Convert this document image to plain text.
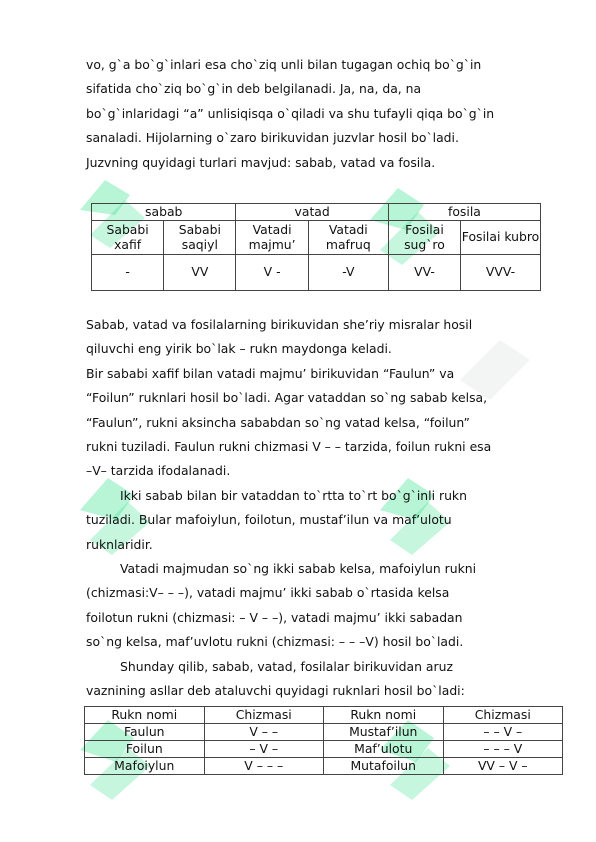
vo, g`a bo`g`inlari esa cho`ziq unli bilan tugagan ochiq bo`g`in

sifatida cho`ziq bo`g`in deb belgilanadi. Ja, na, da, na

bo`g`inlaridagi “a” unlisiqisqa o`qiladi va shu tufayli qiqa bo`g`in

sanaladi. Hijolarning o`zaro birikuvidan juzvlar hosil bo`ladi.

Juzvning quyidagi turlari mavjud: sabab, vatad va fosila.

sabab		vatad		fosila	
Sababi xafif	Sababi saqiyl	Vatadi majmu’	Vatadi mafruq	Fosilai sug`ro	Fosilai kubro
-	VV	V -	-V	VV-	VVV-

Sabab, vatad va fosilalarning birikuvidan she’riy misralar hosil

qiluvchi eng yirik bo`lak – rukn maydonga keladi.

Bir sababi xafif bilan vatadi majmu’ birikuvidan “Faulun” va

“Foilun” ruknlari hosil bo`ladi. Agar vataddan so`ng sabab kelsa,

“Faulun”, rukni aksincha sababdan so`ng vatad kelsa, “foilun”

rukni tuziladi. Faulun rukni chizmasi V – – tarzida, foilun rukni esa

–V– tarzida ifodalanadi.

Ikki sabab bilan bir vataddan to`rtta to`rt bo`g`inli rukn

tuziladi. Bular mafoiylun, foilotun, mustaf’ilun va maf’ulotu

ruknlaridir.

Vatadi majmudan so`ng ikki sabab kelsa, mafoiylun rukni

(chizmasi:V– – –), vatadi majmu’ ikki sabab o`rtasida kelsa

foilotun rukni (chizmasi: – V – –), vatadi majmu’ ikki sabadan

so`ng kelsa, maf’uvlotu rukni (chizmasi: – – –V) hosil bo`ladi.

Shunday qilib, sabab, vatad, fosilalar birikuvidan aruz

vaznining asllar deb ataluvchi quyidagi ruknlari hosil bo`ladi:

Rukn nomi	Chizmasi	Rukn nomi	Chizmasi
Faulun	V – –	Mustaf’ilun	– – V –
Foilun	– V –	Maf’ulotu	– – – V
Mafoiylun	V – – –	Mutafoilun	VV – V –
